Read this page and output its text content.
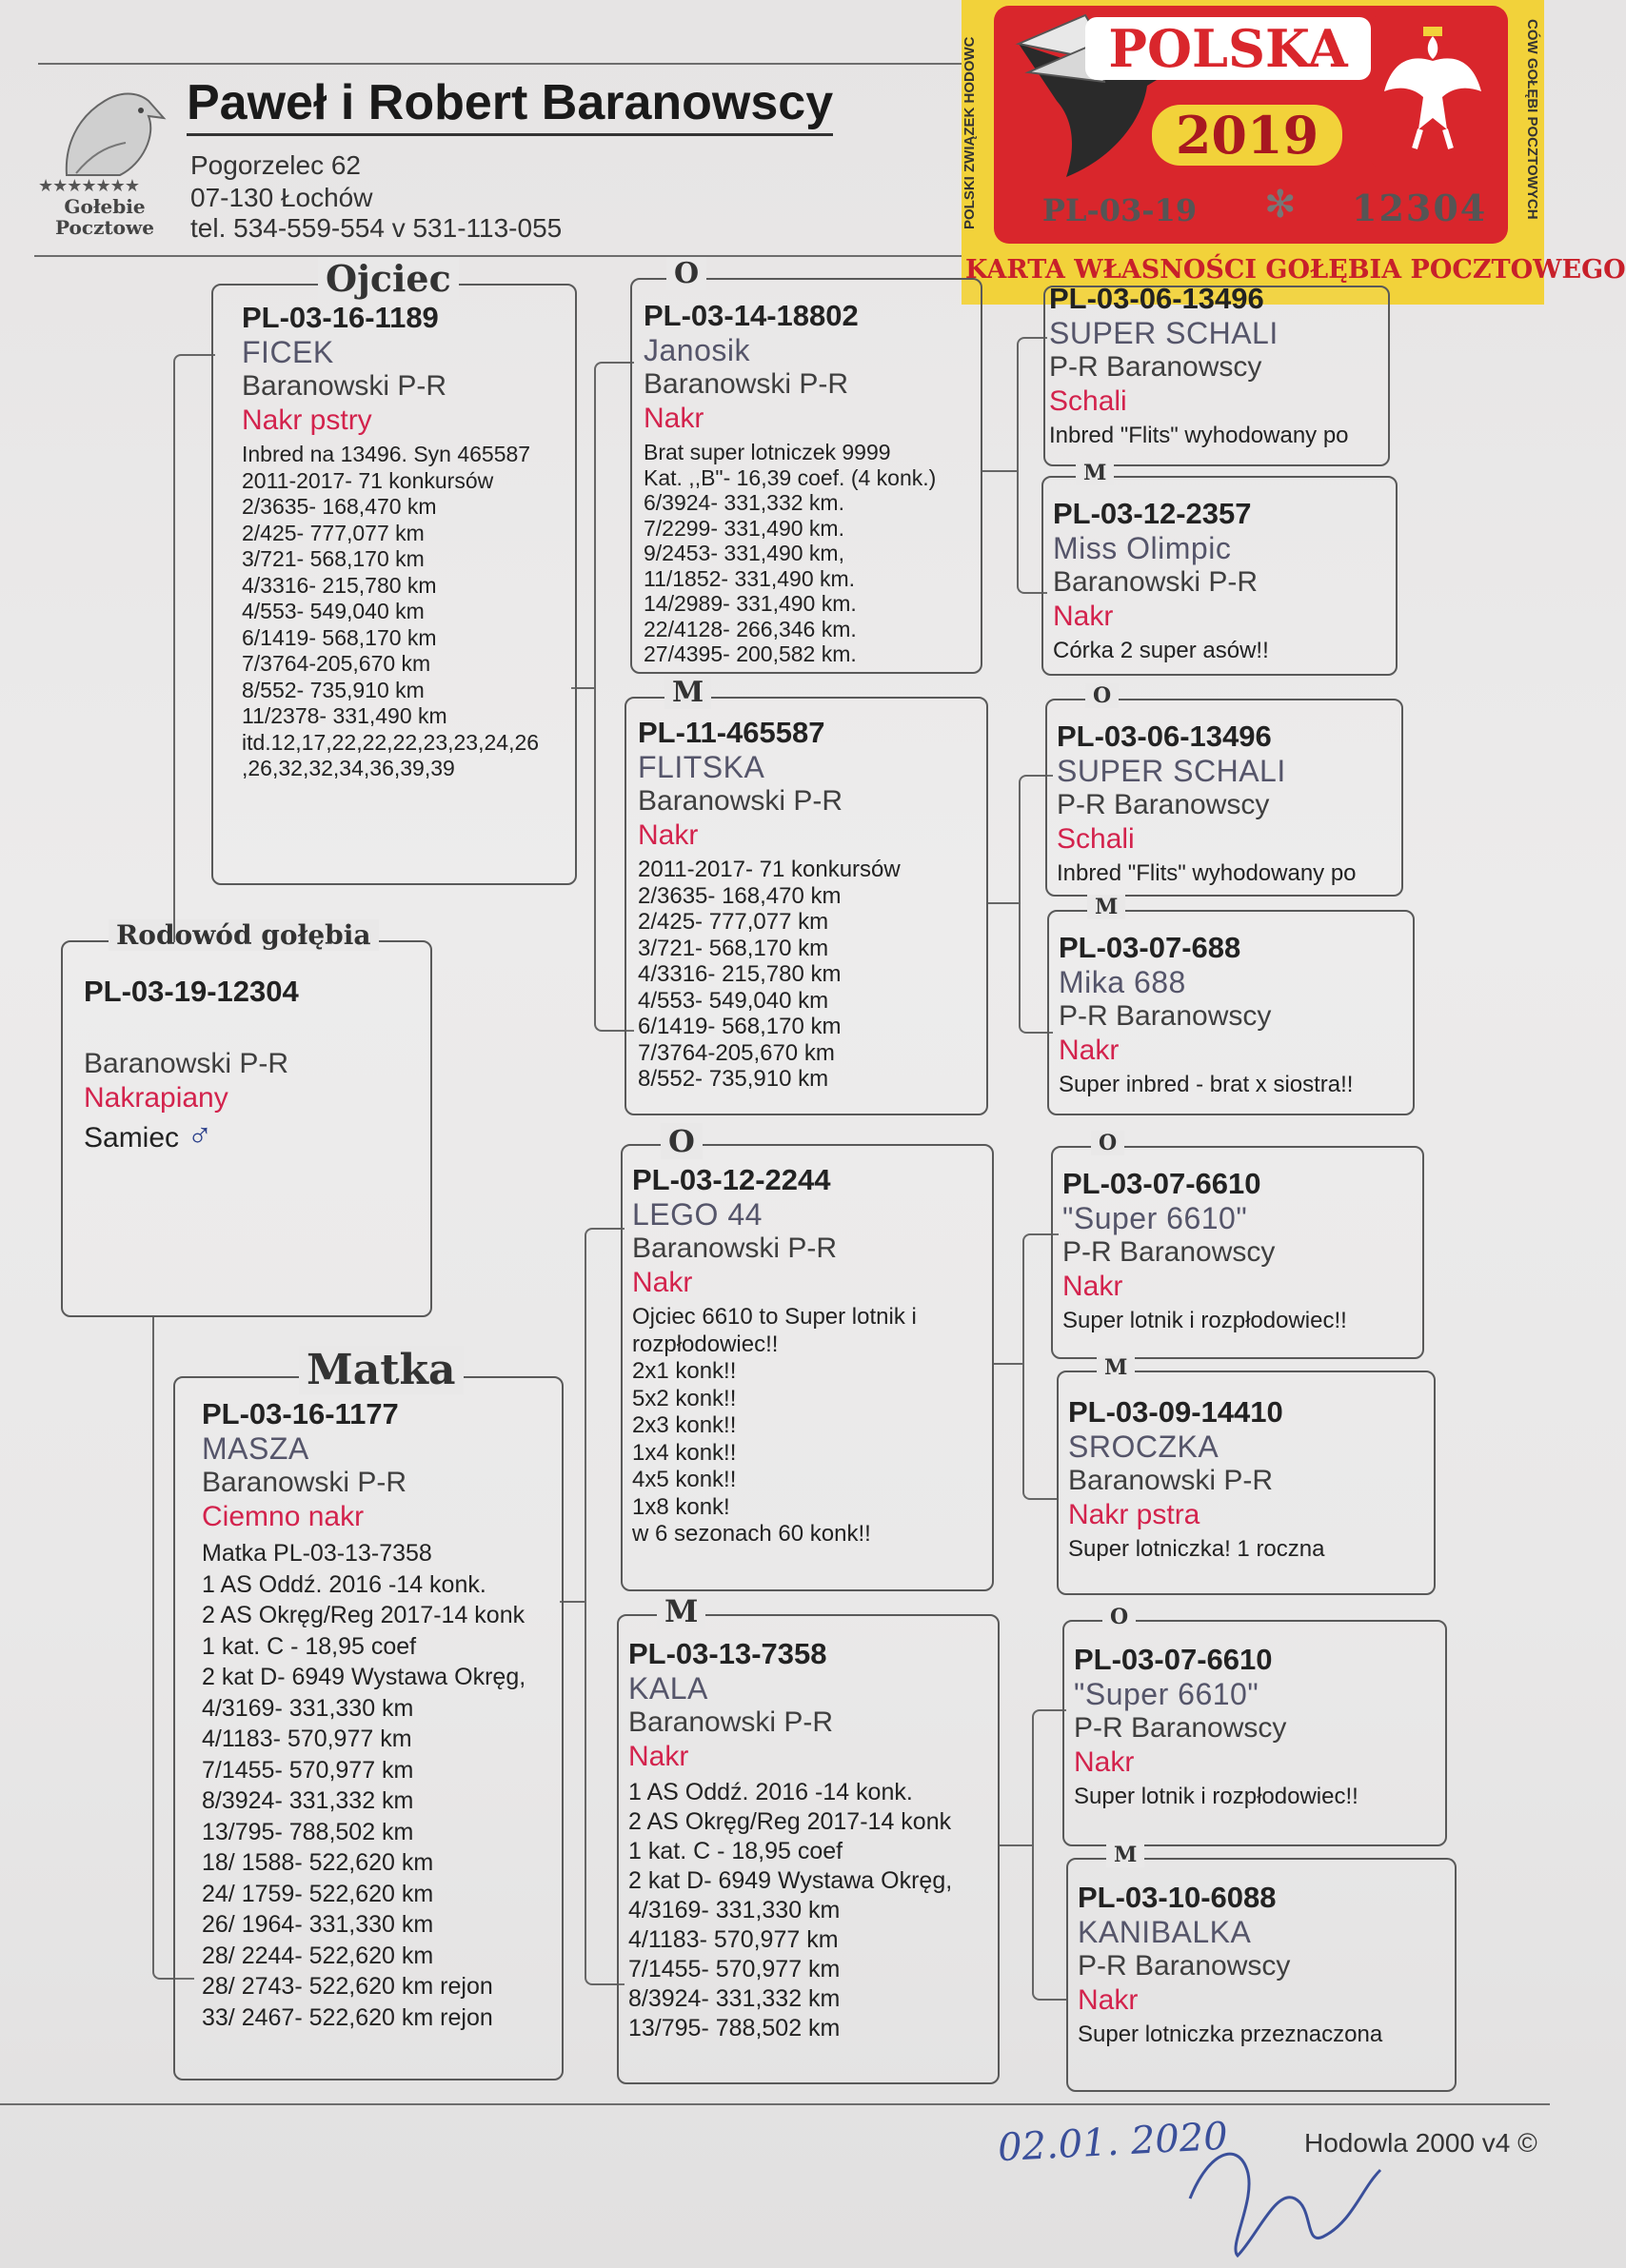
★★★★★★★
Gołebie
Pocztowe
Paweł i Robert Baranowscy
Pogorzelec 62
07-130 Łochów
tel. 534-559-554 v 531-113-055	POLSKI ZWIĄZEK HODOWC	CÓW GOŁĘBI POCZTOWYCH
POLSKA
2019
PL-03-19	✻ 12304
KARTA WŁASNOŚCI GOŁĘBIA POCZTOWEGO
Rodowód gołębia
PL-03-19-12304
Baranowski P-R
Nakrapiany
Samiec ♂
Ojciec
PL-03-16-1189
FICEK
Baranowski P-R
Nakr pstry
Inbred na 13496. Syn 465587
2011-2017- 71 konkursów
2/3635- 168,470 km
2/425- 777,077 km
3/721- 568,170 km
4/3316- 215,780 km
4/553- 549,040 km
6/1419- 568,170 km
7/3764-205,670 km
8/552- 735,910 km
11/2378- 331,490 km
itd.12,17,22,22,22,23,23,24,26
,26,32,32,34,36,39,39
Matka
PL-03-16-1177
MASZA
Baranowski P-R
Ciemno nakr
Matka PL-03-13-7358
1 AS Oddź. 2016 -14 konk.
2 AS Okręg/Reg 2017-14 konk
1 kat. C - 18,95 coef
2 kat D- 6949 Wystawa Okręg,
4/3169- 331,330 km
4/1183- 570,977 km
7/1455- 570,977 km
8/3924- 331,332 km
13/795- 788,502 km
18/ 1588- 522,620 km
24/ 1759- 522,620 km
26/ 1964- 331,330 km
28/ 2244- 522,620 km
28/ 2743- 522,620 km rejon
33/ 2467- 522,620 km rejon
O
PL-03-14-18802
Janosik
Baranowski P-R
Nakr
Brat super lotniczek 9999
Kat. ,,B"- 16,39 coef. (4 konk.)
6/3924- 331,332 km.
7/2299- 331,490 km.
9/2453- 331,490 km,
11/1852- 331,490 km.
14/2989- 331,490 km.
22/4128- 266,346 km.
27/4395- 200,582 km.
M
PL-11-465587
FLITSKA
Baranowski P-R
Nakr
2011-2017- 71 konkursów
2/3635- 168,470 km
2/425- 777,077 km
3/721- 568,170 km
4/3316- 215,780 km
4/553- 549,040 km
6/1419- 568,170 km
7/3764-205,670 km
8/552- 735,910 km
O
PL-03-12-2244
LEGO 44
Baranowski P-R
Nakr
Ojciec 6610 to Super lotnik i
rozpłodowiec!!
2x1 konk!!
5x2 konk!!
2x3 konk!!
1x4 konk!!
4x5 konk!!
1x8 konk!
w 6 sezonach 60 konk!!
M
PL-03-13-7358
KALA
Baranowski P-R
Nakr
1 AS Oddź. 2016 -14 konk.
2 AS Okręg/Reg 2017-14 konk
1 kat. C - 18,95 coef
2 kat D- 6949 Wystawa Okręg,
4/3169- 331,330 km
4/1183- 570,977 km
7/1455- 570,977 km
8/3924- 331,332 km
13/795- 788,502 km
PL-03-06-13496
SUPER SCHALI
P-R Baranowscy
Schali
Inbred "Flits" wyhodowany po
M
PL-03-12-2357
Miss Olimpic
Baranowski P-R
Nakr
Córka 2 super asów!!
O
PL-03-06-13496
SUPER SCHALI
P-R Baranowscy
Schali
Inbred "Flits" wyhodowany po
M
PL-03-07-688
Mika 688
P-R Baranowscy
Nakr
Super inbred - brat x siostra!!
O
PL-03-07-6610
"Super 6610"
P-R Baranowscy
Nakr
Super lotnik i rozpłodowiec!!
M
PL-03-09-14410
SROCZKA
Baranowski P-R
Nakr pstra
Super lotniczka! 1 roczna
O
PL-03-07-6610
"Super 6610"
P-R Baranowscy
Nakr
Super lotnik i rozpłodowiec!!
M
PL-03-10-6088
KANIBALKA
P-R Baranowscy
Nakr
Super lotniczka przeznaczona
02.01. 2020	Hodowla 2000 v4 ©
